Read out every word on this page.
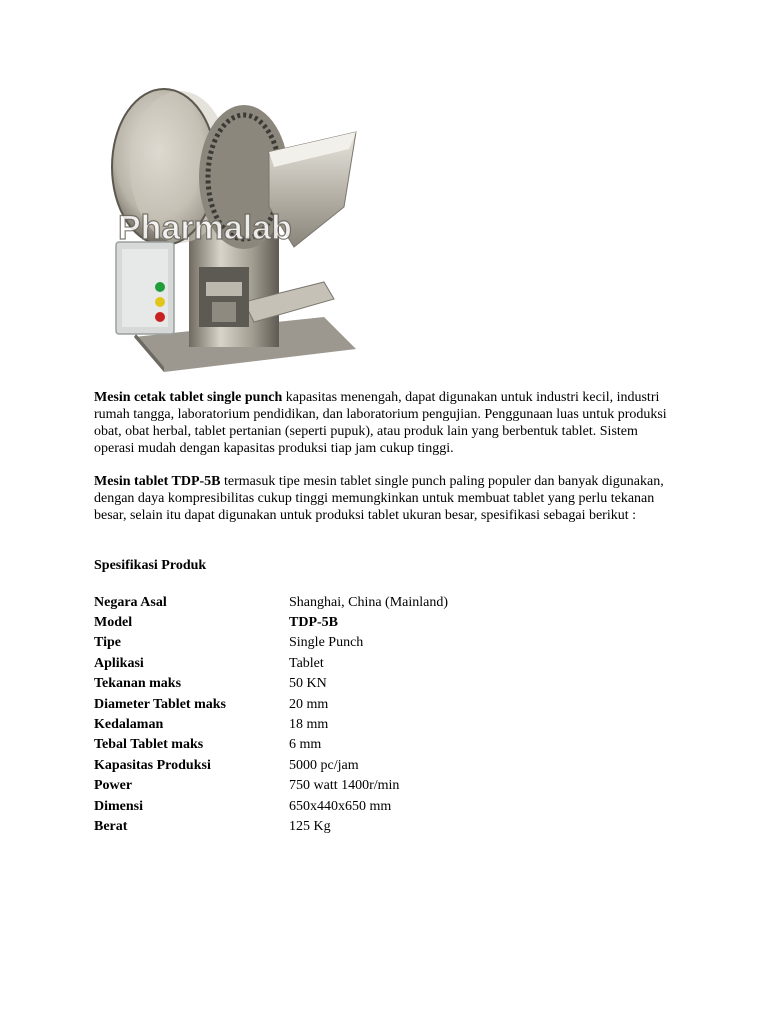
Pharmalab

Mesin cetak tablet single punch kapasitas menengah, dapat digunakan untuk industri kecil, industri rumah tangga, laboratorium pendidikan, dan laboratorium pengujian. Penggunaan luas untuk produksi obat, obat herbal, tablet pertanian (seperti pupuk), atau produk lain yang berbentuk tablet. Sistem operasi mudah dengan kapasitas produksi tiap jam cukup tinggi.

Mesin tablet TDP-5B termasuk tipe mesin tablet single punch paling populer dan banyak digunakan, dengan daya kompresibilitas cukup tinggi memungkinkan untuk membuat tablet yang perlu tekanan besar, selain itu dapat digunakan untuk produksi tablet ukuran besar, spesifikasi sebagai berikut :

Spesifikasi Produk
Negara Asal	Shanghai, China (Mainland)
Model	TDP-5B
Tipe	Single Punch
Aplikasi	Tablet
Tekanan maks	50 KN
Diameter Tablet maks	20 mm
Kedalaman	18 mm
Tebal Tablet maks	6 mm
Kapasitas Produksi	5000 pc/jam
Power	750 watt 1400r/min
Dimensi	650x440x650 mm
Berat	125 Kg
